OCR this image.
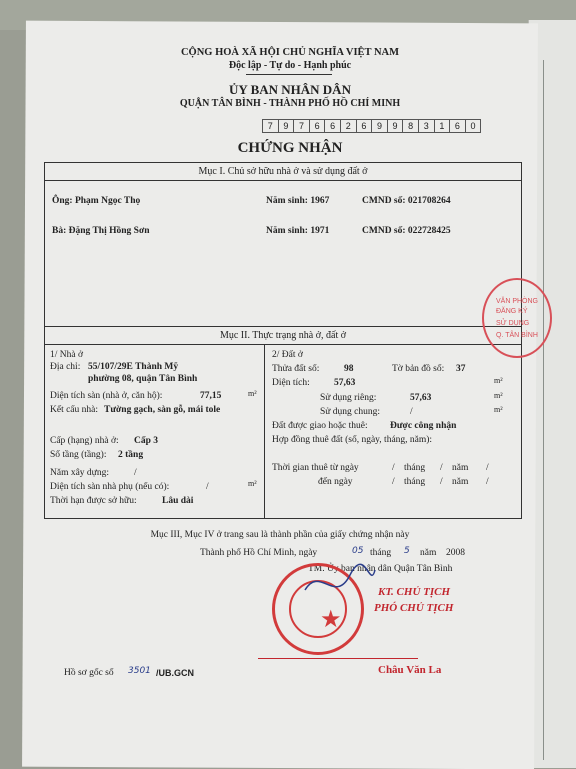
CỘNG HOÀ XÃ HỘI CHỦ NGHĨA VIỆT NAM
Độc lập - Tự do - Hạnh phúc
ỦY BAN NHÂN DÂN
QUẬN TÂN BÌNH - THÀNH PHỐ HỒ CHÍ MINH
7	9	7	6	6	2	6	9	9	8	3	1	6	0
CHỨNG NHẬN
Mục I. Chủ sở hữu nhà ở và sử dụng đất ở
Ông: Phạm Ngọc Thọ	Năm sinh: 1967	CMND số: 021708264
Bà: Đặng Thị Hồng Sơn	Năm sinh: 1971	CMND số: 022728425
Mục II. Thực trạng nhà ở, đất ở
1/ Nhà ở
Địa chỉ: 55/107/29E Thành Mỹ
phường 08, quận Tân Bình
Diện tích sàn (nhà ở, căn hộ):	77,15	m²
Kết cấu nhà: Tường gạch, sàn gỗ, mái tole
Cấp (hạng) nhà ở: Cấp 3
Số tầng (tầng): 2 tầng
Năm xây dựng:	/
Diện tích sàn nhà phụ (nếu có):	/	m²
Thời hạn được sở hữu:	Lâu dài
2/ Đất ở
Thửa đất số:	98	Tờ bản đồ số: 37
Diện tích:	57,63	m²
Sử dụng riêng:	57,63	m²
Sử dụng chung:	/	m²
Đất được giao hoặc thuê: Được công nhận
Hợp đồng thuê đất (số, ngày, tháng, năm):
Thời gian thuê từ ngày	/ tháng / năm /
đến ngày	/ tháng / năm /
Mục III, Mục IV ở trang sau là thành phần của giấy chứng nhận này
Thành phố Hồ Chí Minh, ngày	05 tháng 5 năm 2008
TM. Ủy ban nhân dân Quận Tân Bình
★
KT. CHỦ TỊCH
PHÓ CHỦ TỊCH
Châu Văn La
Hồ sơ gốc số 3501 /UB.GCN
VĂN PHÒNG
ĐĂNG KÝ
SỬ DỤNG
Q. TÂN BÌNH
